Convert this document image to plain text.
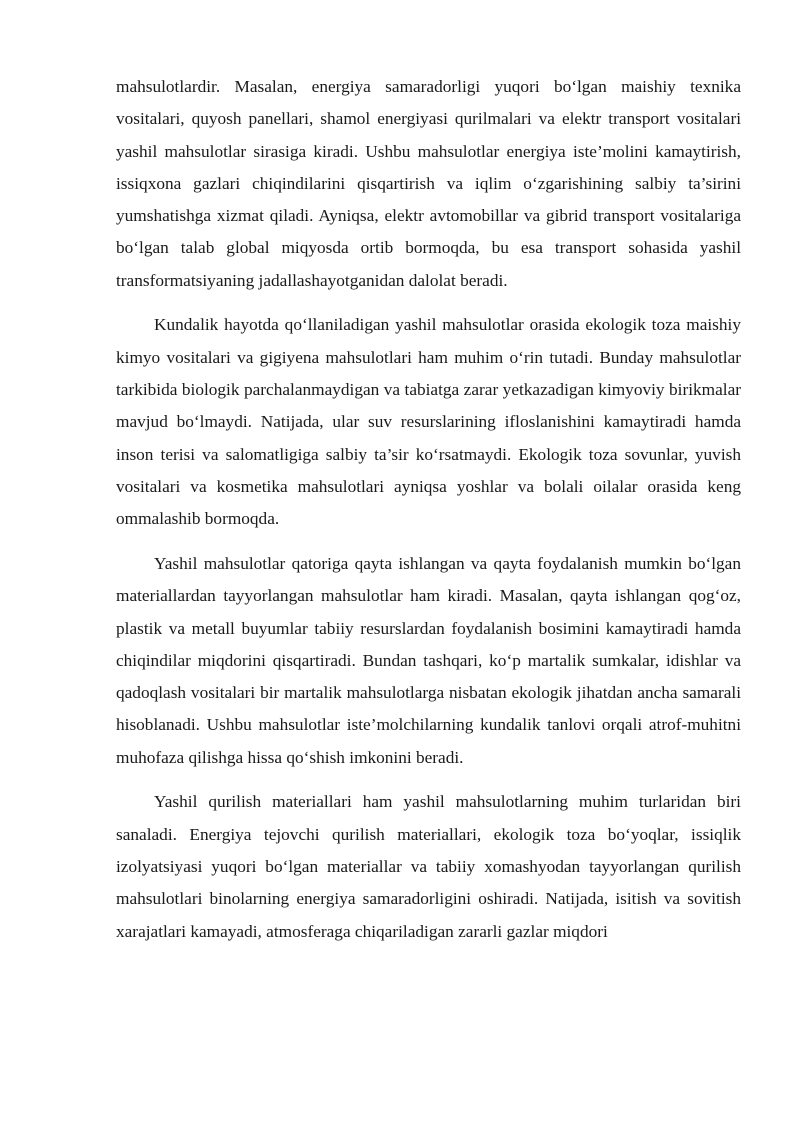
mahsulotlardir. Masalan, energiya samaradorligi yuqori bo‘lgan maishiy texnika vositalari, quyosh panellari, shamol energiyasi qurilmalari va elektr transport vositalari yashil mahsulotlar sirasiga kiradi. Ushbu mahsulotlar energiya iste’molini kamaytirish, issiqxona gazlari chiqindilarini qisqartirish va iqlim o‘zgarishining salbiy ta’sirini yumshatishga xizmat qiladi. Ayniqsa, elektr avtomobillar va gibrid transport vositalariga bo‘lgan talab global miqyosda ortib bormoqda, bu esa transport sohasida yashil transformatsiyaning jadallashayotganidan dalolat beradi.

Kundalik hayotda qo‘llaniladigan yashil mahsulotlar orasida ekologik toza maishiy kimyo vositalari va gigiyena mahsulotlari ham muhim o‘rin tutadi. Bunday mahsulotlar tarkibida biologik parchalanmaydigan va tabiatga zarar yetkazadigan kimyoviy birikmalar mavjud bo‘lmaydi. Natijada, ular suv resurslarining ifloslanishini kamaytiradi hamda inson terisi va salomatligiga salbiy ta’sir ko‘rsatmaydi. Ekologik toza sovunlar, yuvish vositalari va kosmetika mahsulotlari ayniqsa yoshlar va bolali oilalar orasida keng ommalashib bormoqda.

Yashil mahsulotlar qatoriga qayta ishlangan va qayta foydalanish mumkin bo‘lgan materiallardan tayyorlangan mahsulotlar ham kiradi. Masalan, qayta ishlangan qog‘oz, plastik va metall buyumlar tabiiy resurslardan foydalanish bosimini kamaytiradi hamda chiqindilar miqdorini qisqartiradi. Bundan tashqari, ko‘p martalik sumkalar, idishlar va qadoqlash vositalari bir martalik mahsulotlarga nisbatan ekologik jihatdan ancha samarali hisoblanadi. Ushbu mahsulotlar iste’molchilarning kundalik tanlovi orqali atrof-muhitni muhofaza qilishga hissa qo‘shish imkonini beradi.

Yashil qurilish materiallari ham yashil mahsulotlarning muhim turlaridan biri sanaladi. Energiya tejovchi qurilish materiallari, ekologik toza bo‘yoqlar, issiqlik izolyatsiyasi yuqori bo‘lgan materiallar va tabiiy xomashyodan tayyorlangan qurilish mahsulotlari binolarning energiya samaradorligini oshiradi. Natijada, isitish va sovitish xarajatlari kamayadi, atmosferaga chiqariladigan zararli gazlar miqdori
